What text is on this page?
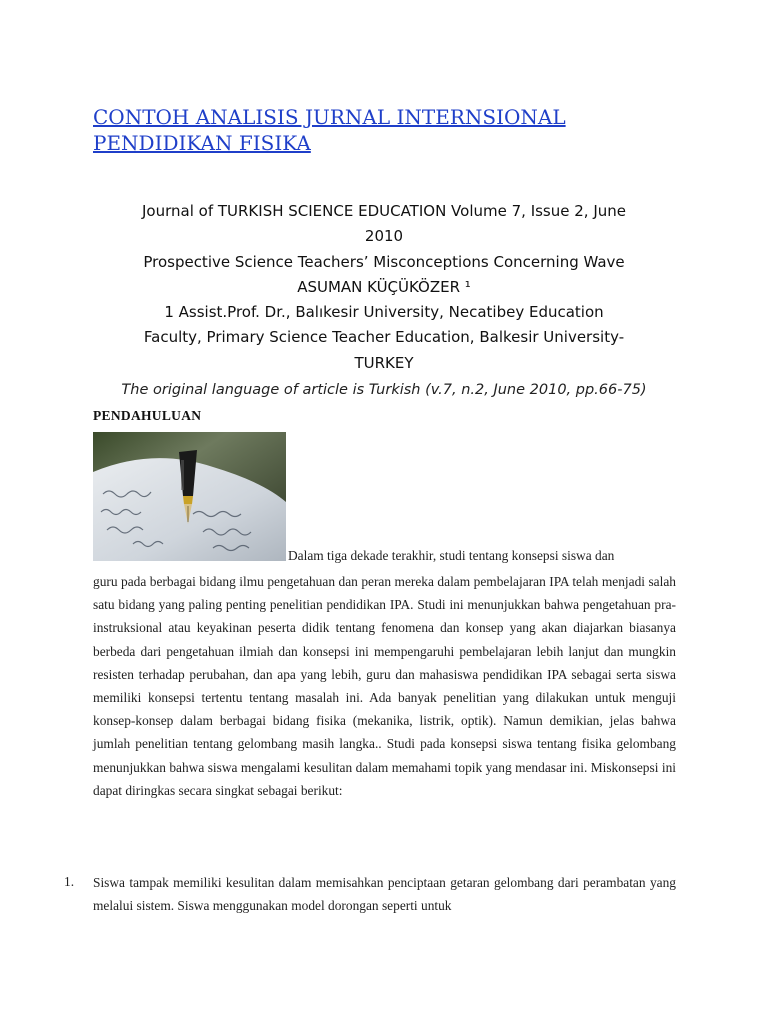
CONTOH ANALISIS JURNAL INTERNSIONAL
PENDIDIKAN FISIKA
Journal of TURKISH SCIENCE EDUCATION Volume 7, Issue 2, June
2010
Prospective Science Teachers’ Misconceptions Concerning Wave
ASUMAN KÜÇÜKÖZER ¹
1 Assist.Prof. Dr., Balıkesir University, Necatibey Education
Faculty, Primary Science Teacher Education, Balkesir University-
TURKEY
The original language of article is Turkish (v.7, n.2, June 2010, pp.66-75)
PENDAHULUAN
Dalam tiga dekade terakhir, studi tentang konsepsi siswa dan
guru pada berbagai bidang ilmu pengetahuan dan peran mereka dalam pembelajaran IPA telah menjadi salah satu bidang yang paling penting penelitian pendidikan IPA. Studi ini menunjukkan bahwa pengetahuan pra-instruksional atau keyakinan peserta didik tentang fenomena dan konsep yang akan diajarkan biasanya berbeda dari pengetahuan ilmiah dan konsepsi ini mempengaruhi pembelajaran lebih lanjut dan mungkin resisten terhadap perubahan, dan apa yang lebih, guru dan mahasiswa pendidikan IPA sebagai serta siswa memiliki konsepsi tertentu tentang masalah ini. Ada banyak penelitian yang dilakukan untuk menguji konsep-konsep dalam berbagai bidang fisika (mekanika, listrik, optik). Namun demikian, jelas bahwa jumlah penelitian tentang gelombang masih langka.. Studi pada konsepsi siswa tentang fisika gelombang menunjukkan bahwa siswa mengalami kesulitan dalam memahami topik yang mendasar ini. Miskonsepsi ini dapat diringkas secara singkat sebagai berikut:
1. Siswa tampak memiliki kesulitan dalam memisahkan penciptaan getaran gelombang dari perambatan yang melalui sistem. Siswa menggunakan model dorongan seperti untuk
